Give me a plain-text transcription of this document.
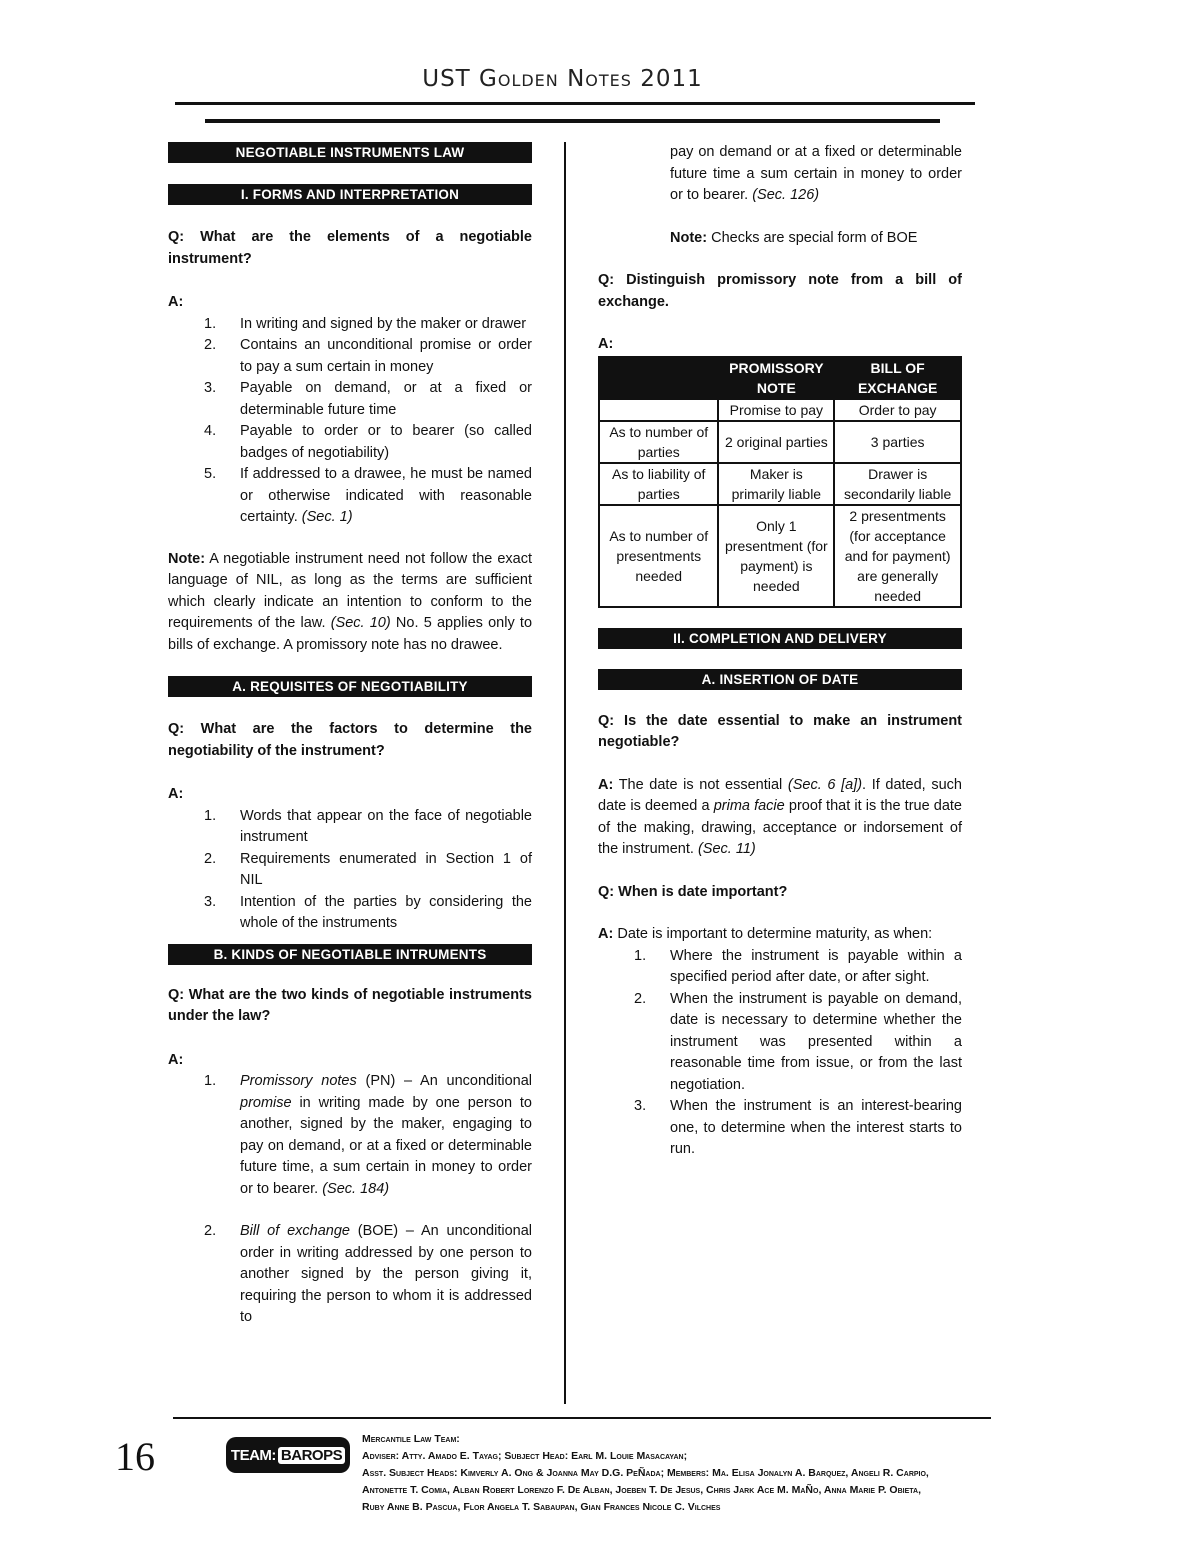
UST Golden Notes 2011
NEGOTIABLE INSTRUMENTS LAW
I. FORMS AND INTERPRETATION

Q: What are the elements of a negotiable instrument?

A:

1. In writing and signed by the maker or drawer
2. Contains an unconditional promise or order to pay a sum certain in money
3. Payable on demand, or at a fixed or determinable future time
4. Payable to order or to bearer (so called badges of negotiability)
5. If addressed to a drawee, he must be named or otherwise indicated with reasonable certainty. (Sec. 1)

Note: A negotiable instrument need not follow the exact language of NIL, as long as the terms are sufficient which clearly indicate an intention to conform to the requirements of the law. (Sec. 10) No. 5 applies only to bills of exchange. A promissory note has no drawee.

A. REQUISITES OF NEGOTIABILITY

Q: What are the factors to determine the negotiability of the instrument?

A:

1. Words that appear on the face of negotiable instrument
2. Requirements enumerated in Section 1 of NIL
3. Intention of the parties by considering the whole of the instruments
B. KINDS OF NEGOTIABLE INTRUMENTS

Q: What are the two kinds of negotiable instruments under the law?

A:

1. Promissory notes (PN) – An unconditional promise in writing made by one person to another, signed by the maker, engaging to pay on demand, or at a fixed or determinable future time, a sum certain in money to order or to bearer. (Sec. 184)
2. Bill of exchange (BOE) – An unconditional order in writing addressed by one person to another signed by the person giving it, requiring the person to whom it is addressed to

pay on demand or at a fixed or determinable future time a sum certain in money to order or to bearer. (Sec. 126)

Note: Checks are special form of BOE

Q: Distinguish promissory note from a bill of exchange.

A:

	PROMISSORY NOTE	BILL OF EXCHANGE
	Promise to pay	Order to pay
As to number of parties	2 original parties	3 parties
As to liability of parties	Maker is primarily liable	Drawer is secondarily liable
As to number of presentments needed	Only 1 presentment (for payment) is needed	2 presentments (for acceptance and for payment) are generally needed
II. COMPLETION AND DELIVERY
A. INSERTION OF DATE

Q: Is the date essential to make an instrument negotiable?

A: The date is not essential (Sec. 6 [a]). If dated, such date is deemed a prima facie proof that it is the true date of the making, drawing, acceptance or indorsement of the instrument. (Sec. 11)

Q: When is date important?

A: Date is important to determine maturity, as when:

1. Where the instrument is payable within a specified period after date, or after sight.
2. When the instrument is payable on demand, date is necessary to determine whether the instrument was presented within a reasonable time from issue, or from the last negotiation.
3. When the instrument is an interest-bearing one, to determine when the interest starts to run.
16	TEAM: BAROPS
Mercantile Law Team:
Adviser: Atty. Amado E. Tayag; Subject Head: Earl M. Louie Masacayan;
Asst. Subject Heads: Kimverly A. Ong & Joanna May D.G. PeÑada; Members: Ma. Elisa Jonalyn A. Barquez, Angeli R. Carpio,
Antonette T. Comia, Alban Robert Lorenzo F. De Alban, Joeben T. De Jesus, Chris Jark Ace M. MaÑo, Anna Marie P. Obieta,
Ruby Anne B. Pascua, Flor Angela T. Sabaupan, Gian Frances Nicole C. Vilches
